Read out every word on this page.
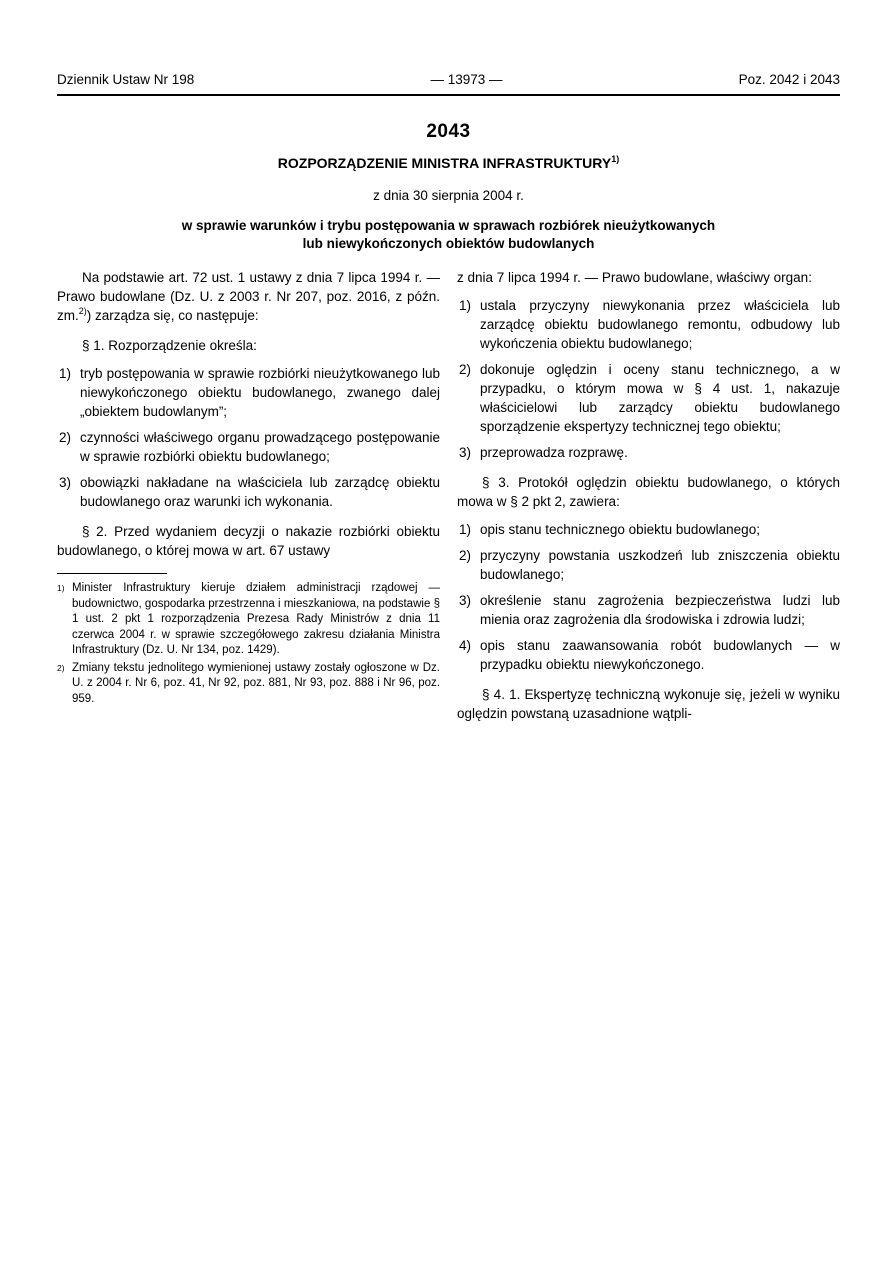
Dziennik Ustaw Nr 198	— 13973 —	Poz. 2042 i 2043
2043
ROZPORZĄDZENIE MINISTRA INFRASTRUKTURY$^{1)}$
z dnia 30 sierpnia 2004 r.
w sprawie warunków i trybu postępowania w sprawach rozbiórek nieużytkowanych
lub niewykończonych obiektów budowlanych

Na podstawie art. 72 ust. 1 ustawy z dnia 7 lipca 1994 r. — Prawo budowlane (Dz. U. z 2003 r. Nr 207, poz. 2016, z późn. zm.$^{2)}$) zarządza się, co następuje:

§ 1. Rozporządzenie określa:

1) tryb postępowania w sprawie rozbiórki nieużytkowanego lub niewykończonego obiektu budowlanego, zwanego dalej „obiektem budowlanym”;
2) czynności właściwego organu prowadzącego postępowanie w sprawie rozbiórki obiektu budowlanego;
3) obowiązki nakładane na właściciela lub zarządcę obiektu budowlanego oraz warunki ich wykonania.

§ 2. Przed wydaniem decyzji o nakazie rozbiórki obiektu budowlanego, o której mowa w art. 67 ustawy

1) Minister Infrastruktury kieruje działem administracji rządowej — budownictwo, gospodarka przestrzenna i mieszkaniowa, na podstawie § 1 ust. 2 pkt 1 rozporządzenia Prezesa Rady Ministrów z dnia 11 czerwca 2004 r. w sprawie szczegółowego zakresu działania Ministra Infrastruktury (Dz. U. Nr 134, poz. 1429).
2) Zmiany tekstu jednolitego wymienionej ustawy zostały ogłoszone w Dz. U. z 2004 r. Nr 6, poz. 41, Nr 92, poz. 881, Nr 93, poz. 888 i Nr 96, poz. 959.

z dnia 7 lipca 1994 r. — Prawo budowlane, właściwy organ:

1) ustala przyczyny niewykonania przez właściciela lub zarządcę obiektu budowlanego remontu, odbudowy lub wykończenia obiektu budowlanego;
2) dokonuje oględzin i oceny stanu technicznego, a w przypadku, o którym mowa w § 4 ust. 1, nakazuje właścicielowi lub zarządcy obiektu budowlanego sporządzenie ekspertyzy technicznej tego obiektu;
3) przeprowadza rozprawę.

§ 3. Protokół oględzin obiektu budowlanego, o których mowa w § 2 pkt 2, zawiera:

1) opis stanu technicznego obiektu budowlanego;
2) przyczyny powstania uszkodzeń lub zniszczenia obiektu budowlanego;
3) określenie stanu zagrożenia bezpieczeństwa ludzi lub mienia oraz zagrożenia dla środowiska i zdrowia ludzi;
4) opis stanu zaawansowania robót budowlanych — w przypadku obiektu niewykończonego.

§ 4. 1. Ekspertyzę techniczną wykonuje się, jeżeli w wyniku oględzin powstaną uzasadnione wątpli-
